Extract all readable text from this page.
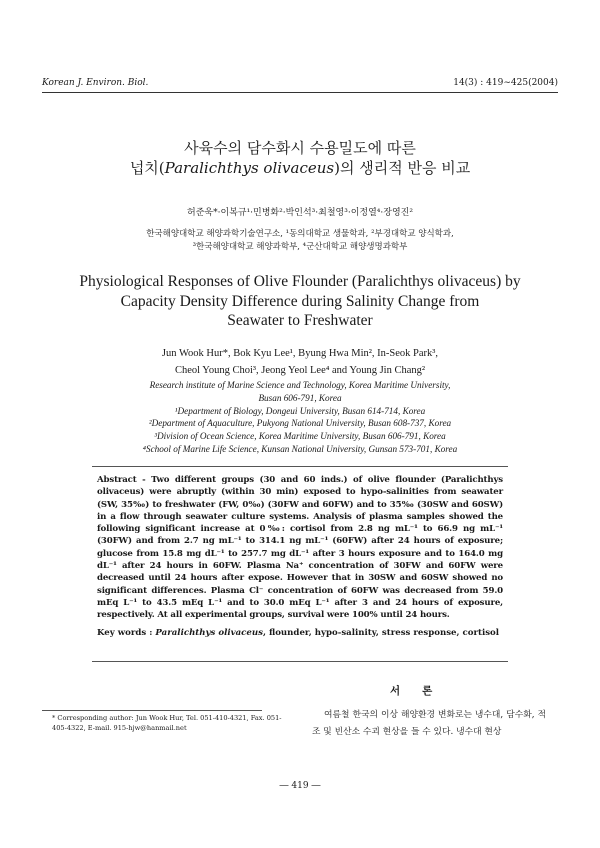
Korean J. Environ. Biol.	14(3) : 419∼425(2004)
사육수의 담수화시 수용밀도에 따른
넙치(Paralichthys olivaceus)의 생리적 반응 비교
허준욱*·이복규¹·민병화²·박인석³·최철영³·이정열⁴·장영진²
한국해양대학교 해양과학기술연구소, ¹동의대학교 생물학과, ²부경대학교 양식학과,
³한국해양대학교 해양과학부, ⁴군산대학교 해양생명과학부
Physiological Responses of Olive Flounder (Paralichthys olivaceus) by
Capacity Density Difference during Salinity Change from
Seawater to Freshwater
Jun Wook Hur*, Bok Kyu Lee¹, Byung Hwa Min², In-Seok Park³,
Cheol Young Choi³, Jeong Yeol Lee⁴ and Young Jin Chang²
Research institute of Marine Science and Technology, Korea Maritime University,
Busan 606-791, Korea
¹Department of Biology, Dongeui University, Busan 614-714, Korea
²Department of Aquaculture, Pukyong National University, Busan 608-737, Korea
³Division of Ocean Science, Korea Maritime University, Busan 606-791, Korea
⁴School of Marine Life Science, Kunsan National University, Gunsan 573-701, Korea
Abstract - Two different groups (30 and 60 inds.) of olive flounder (Paralichthys olivaceus) were abruptly (within 30 min) exposed to hypo-salinities from seawater (SW, 35‰) to freshwater (FW, 0‰) (30FW and 60FW) and to 35‰ (30SW and 60SW) in a flow through seawater culture systems. Analysis of plasma samples showed the following significant increase at 0‰: cortisol from 2.8 ng mL⁻¹ to 66.9 ng mL⁻¹ (30FW) and from 2.7 ng mL⁻¹ to 314.1 ng mL⁻¹ (60FW) after 24 hours of exposure; glucose from 15.8 mg dL⁻¹ to 257.7 mg dL⁻¹ after 3 hours exposure and to 164.0 mg dL⁻¹ after 24 hours in 60FW. Plasma Na⁺ concentration of 30FW and 60FW were decreased until 24 hours after expose. However that in 30SW and 60SW showed no significant differences. Plasma Cl⁻ concentration of 60FW was decreased from 59.0 mEq L⁻¹ to 43.5 mEq L⁻¹ and to 30.0 mEq L⁻¹ after 3 and 24 hours of exposure, respectively. At all experimental groups, survival were 100% until 24 hours.
Key words : Paralichthys olivaceus, flounder, hypo-salinity, stress response, cortisol
서론
* Corresponding author: Jun Wook Hur, Tel. 051-410-4321, Fax. 051-405-4322, E-mail. 915-hjw@hanmail.net
여름철 한국의 이상 해양환경 변화로는 냉수대, 담수화, 적조 및 빈산소 수괴 현상을 들 수 있다. 냉수대 현상
― 419 ―
